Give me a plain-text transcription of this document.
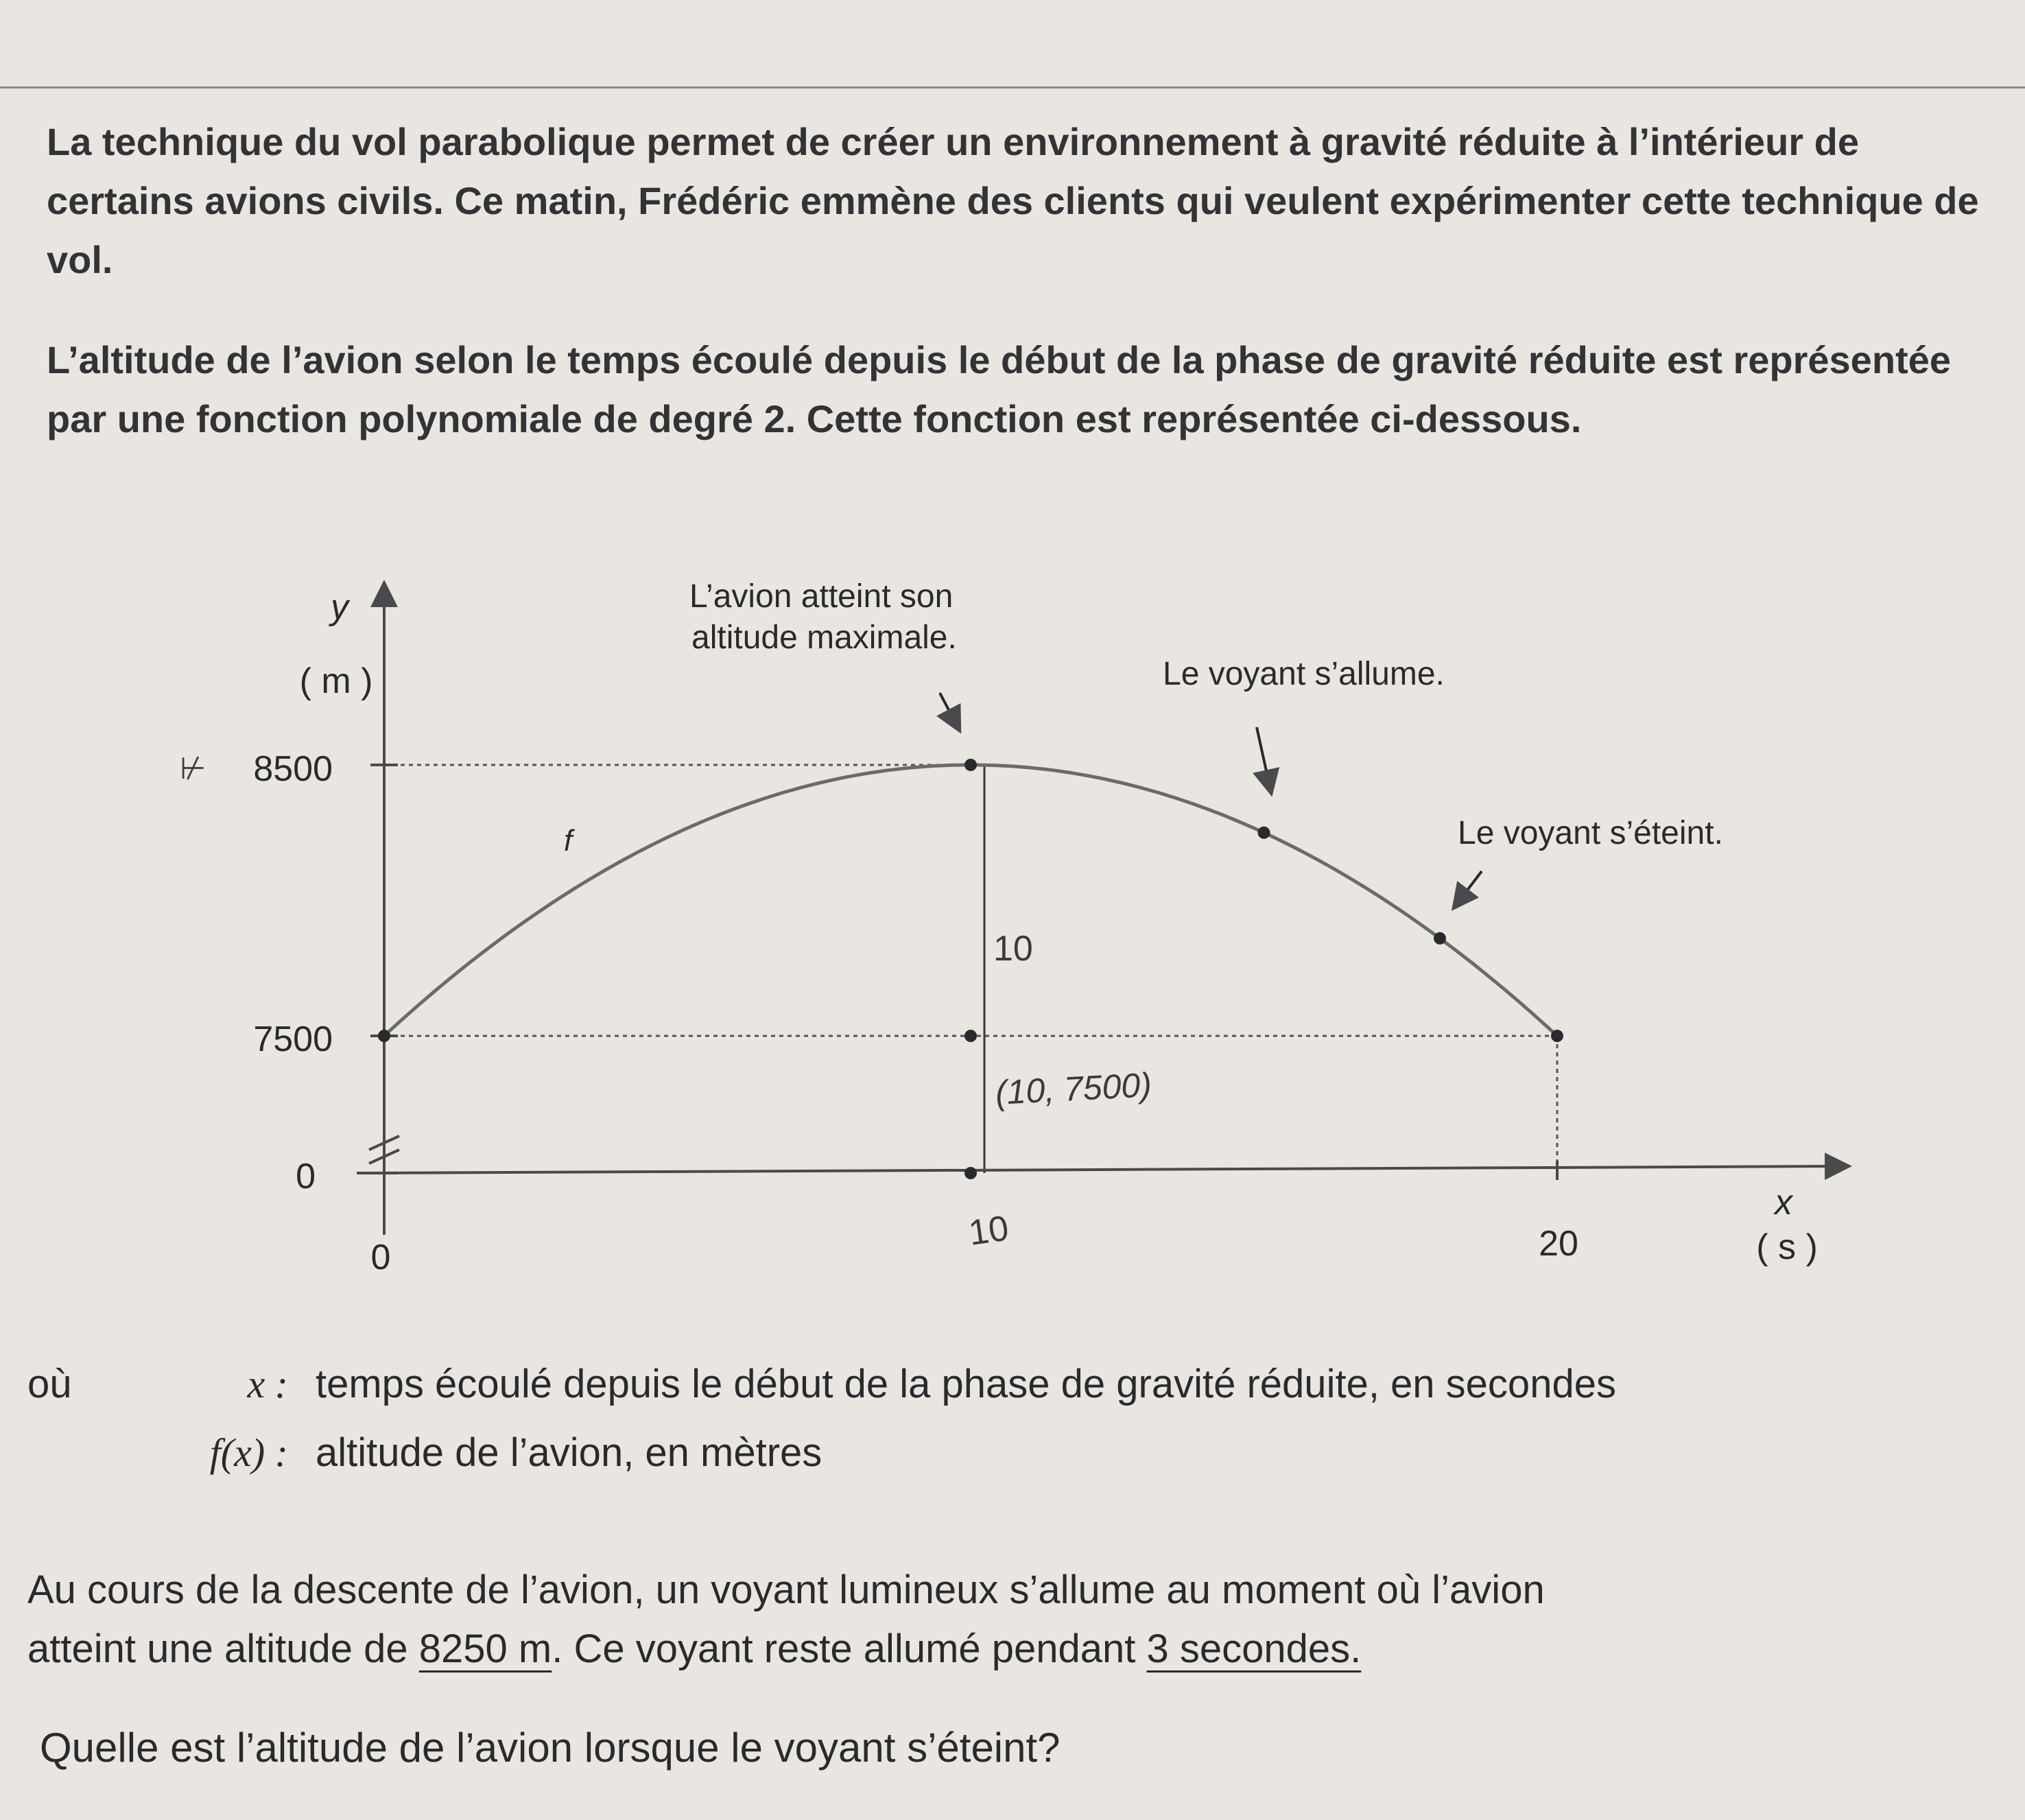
La technique du vol parabolique permet de créer un environnement à gravité réduite à l’intérieur de certains avions civils. Ce matin, Frédéric emmène des clients qui veulent expérimenter cette technique de vol.

L’altitude de l’avion selon le temps écoulé depuis le début de la phase de gravité réduite est représentée par une fonction polynomiale de degré 2. Cette fonction est représentée ci-dessous.

8500
7500
0
0	20
y
( m )
x
( s )
f
L’avion atteint son
altitude maximale.
Le voyant s’allume.
Le voyant s’éteint.
⊬
10
(10, 7500)
10
où	x : temps écoulé depuis le début de la phase de gravité réduite, en secondes
f(x) : altitude de l’avion, en mètres
Au cours de la descente de l’avion, un voyant lumineux s’allume au moment où l’avion
atteint une altitude de 8250 m. Ce voyant reste allumé pendant 3 secondes.
Quelle est l’altitude de l’avion lorsque le voyant s’éteint?
